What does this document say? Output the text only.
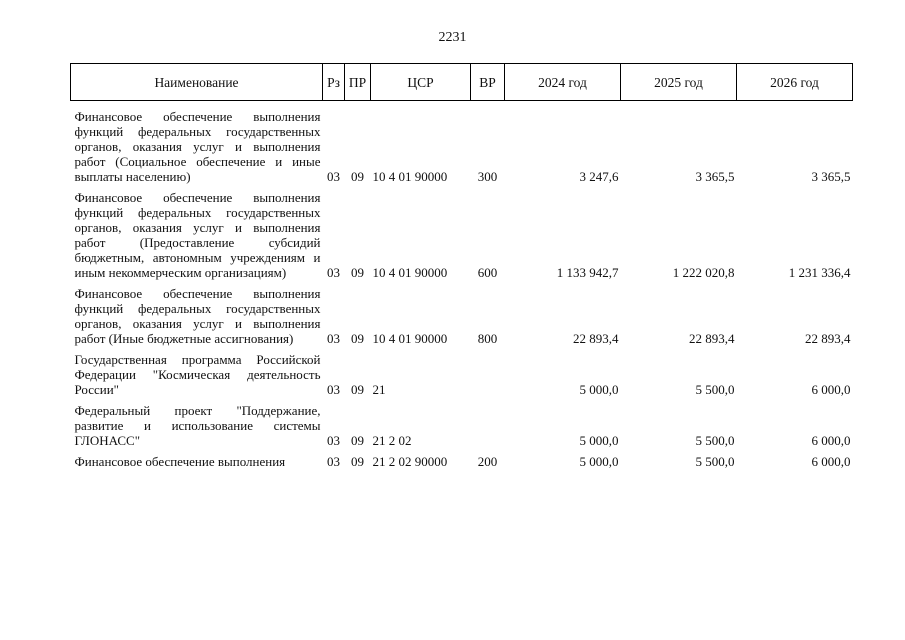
2231
Наименование	Рз	ПР	ЦСР	ВР	2024 год	2025 год	2026 год
Финансовое обеспечение выполнения функций федеральных государственных органов, оказания услуг и выполнения работ (Социальное обеспечение и иные выплаты населению)	03	09	10 4 01 90000	300	3 247,6	3 365,5	3 365,5
Финансовое обеспечение выполнения функций федеральных государственных органов, оказания услуг и выполнения работ (Предоставление субсидий бюджетным, автономным учреждениям и иным некоммерческим организациям)	03	09	10 4 01 90000	600	1 133 942,7	1 222 020,8	1 231 336,4
Финансовое обеспечение выполнения функций федеральных государственных органов, оказания услуг и выполнения работ (Иные бюджетные ассигнования)	03	09	10 4 01 90000	800	22 893,4	22 893,4	22 893,4
Государственная программа Российской Федерации "Космическая деятельность России"	03	09	21		5 000,0	5 500,0	6 000,0
Федеральный проект "Поддержание, развитие и использование системы ГЛОНАСС"	03	09	21 2 02		5 000,0	5 500,0	6 000,0
Финансовое обеспечение выполнения	03	09	21 2 02 90000	200	5 000,0	5 500,0	6 000,0
